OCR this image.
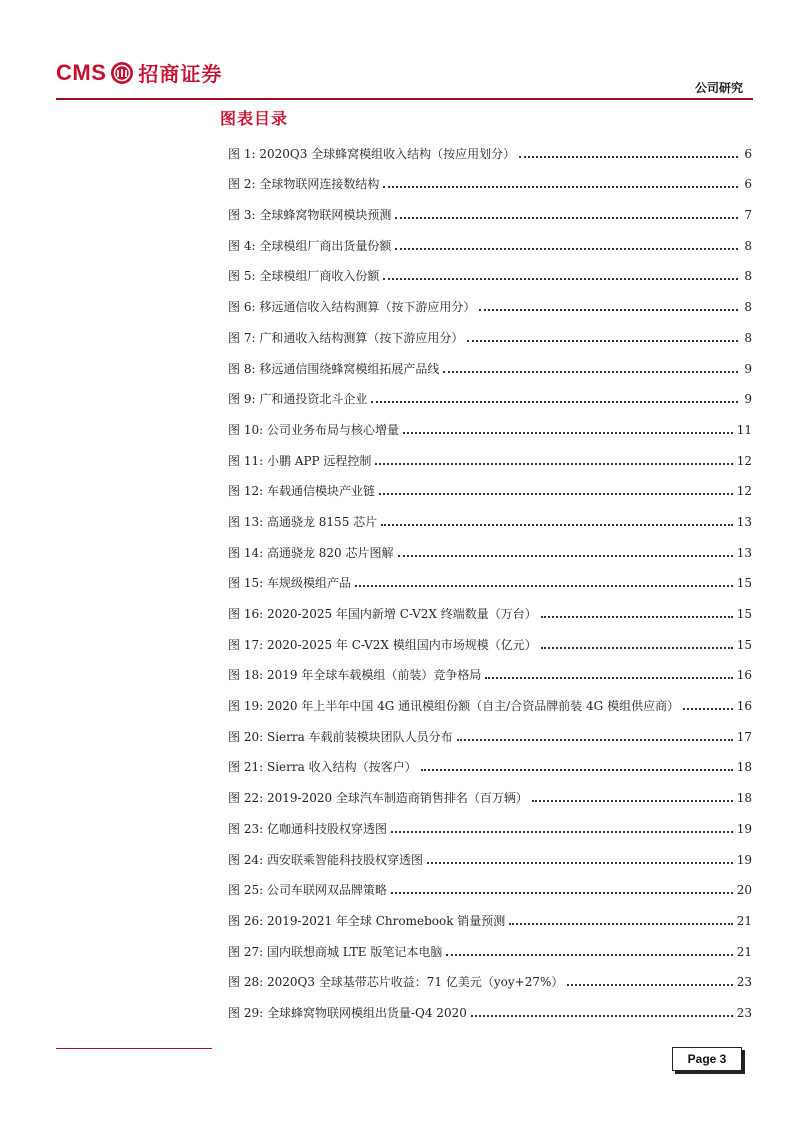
CMS 招商证券
公司研究
图表目录
图 1: 2020Q3 全球蜂窝模组收入结构（按应用划分）	6
图 2: 全球物联网连接数结构	6
图 3: 全球蜂窝物联网模块预测	7
图 4: 全球模组厂商出货量份额	8
图 5: 全球模组厂商收入份额	8
图 6: 移远通信收入结构测算（按下游应用分）	8
图 7: 广和通收入结构测算（按下游应用分）	8
图 8: 移远通信围绕蜂窝模组拓展产品线	9
图 9: 广和通投资北斗企业	9
图 10: 公司业务布局与核心增量	11
图 11: 小鹏 APP 远程控制	12
图 12: 车载通信模块产业链	12
图 13: 高通骁龙 8155 芯片	13
图 14: 高通骁龙 820 芯片图解	13
图 15: 车规级模组产品	15
图 16: 2020-2025 年国内新增 C-V2X 终端数量（万台）	15
图 17: 2020-2025 年 C-V2X 模组国内市场规模（亿元）	15
图 18: 2019 年全球车载模组（前装）竞争格局	16
图 19: 2020 年上半年中国 4G 通讯模组份额（自主/合资品牌前装 4G 模组供应商）	16
图 20: Sierra 车载前装模块团队人员分布	17
图 21: Sierra 收入结构（按客户）	18
图 22: 2019-2020 全球汽车制造商销售排名（百万辆）	18
图 23: 亿咖通科技股权穿透图	19
图 24: 西安联乘智能科技股权穿透图	19
图 25: 公司车联网双品牌策略	20
图 26: 2019-2021 年全球 Chromebook 销量预测	21
图 27: 国内联想商城 LTE 版笔记本电脑	21
图 28: 2020Q3 全球基带芯片收益：71 亿美元（yoy+27%）	23
图 29: 全球蜂窝物联网模组出货量-Q4 2020	23
Page 3
